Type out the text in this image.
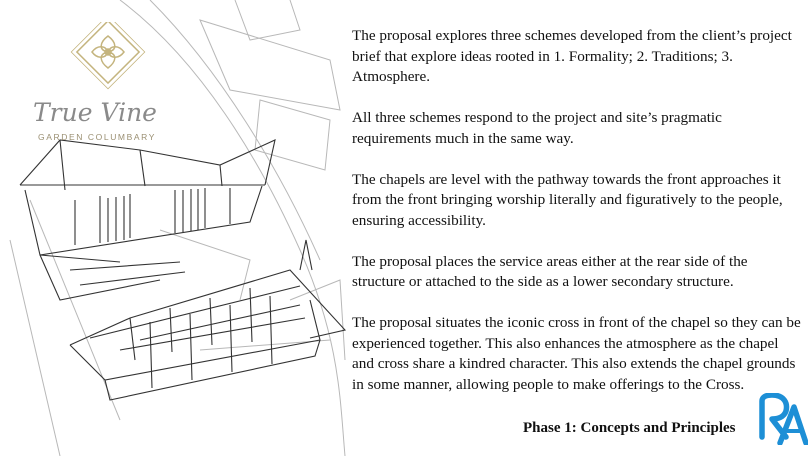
True Vine
GARDEN COLUMBARY

The proposal explores three schemes developed from the client’s project brief that explore ideas rooted in 1. Formality; 2. Traditions; 3. Atmosphere.

All three schemes respond to the project and site’s pragmatic requirements much in the same way.

The chapels are level with the pathway towards the front approaches it from the front bringing worship literally and figuratively to the people, ensuring accessibility.

The proposal places the service areas either at the rear side of the structure or attached to the side as a lower secondary structure.

The proposal situates the iconic cross in front of the chapel so they can be experienced together. This also enhances the atmosphere as the chapel and cross share a kindred character. This also extends the chapel grounds in some manner, allowing people to make offerings to the Cross.

Phase 1: Concepts and Principles
